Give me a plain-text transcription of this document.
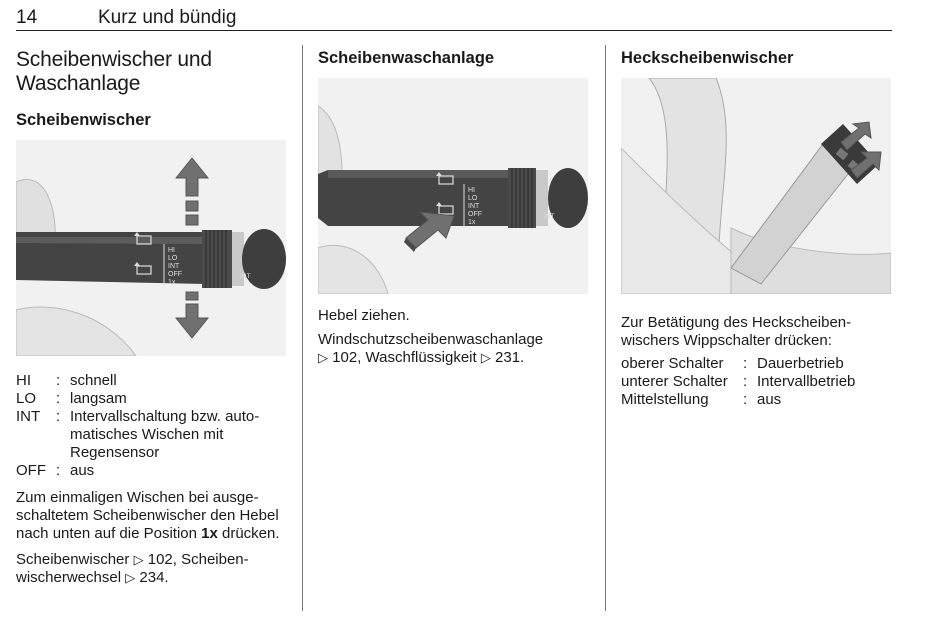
14	Kurz und bündig
Scheibenwischer und Waschanlage
Scheibenwischer
HI
LO
INT
OFF
1x
INT
HI	: schnell
LO	: langsam
INT	: Intervallschaltung bzw. automatisches Wischen mit Regensensor
OFF : aus

Zum einmaligen Wischen bei ausgeschaltetem Scheibenwischer den Hebel nach unten auf die Position 1x drücken.

Scheibenwischer ▷ 102, Scheibenwischerwechsel ▷ 234.

Scheibenwaschanlage
HI
LO
INT
OFF
1x
INT

Hebel ziehen.

Windschutzscheibenwaschanlage
▷ 102, Waschflüssigkeit ▷ 231.

Heckscheibenwischer

Zur Betätigung des Heckscheibenwischers Wippschalter drücken:

oberer Schalter	: Dauerbetrieb
unterer Schalter	: Intervallbetrieb
Mittelstellung	: aus
